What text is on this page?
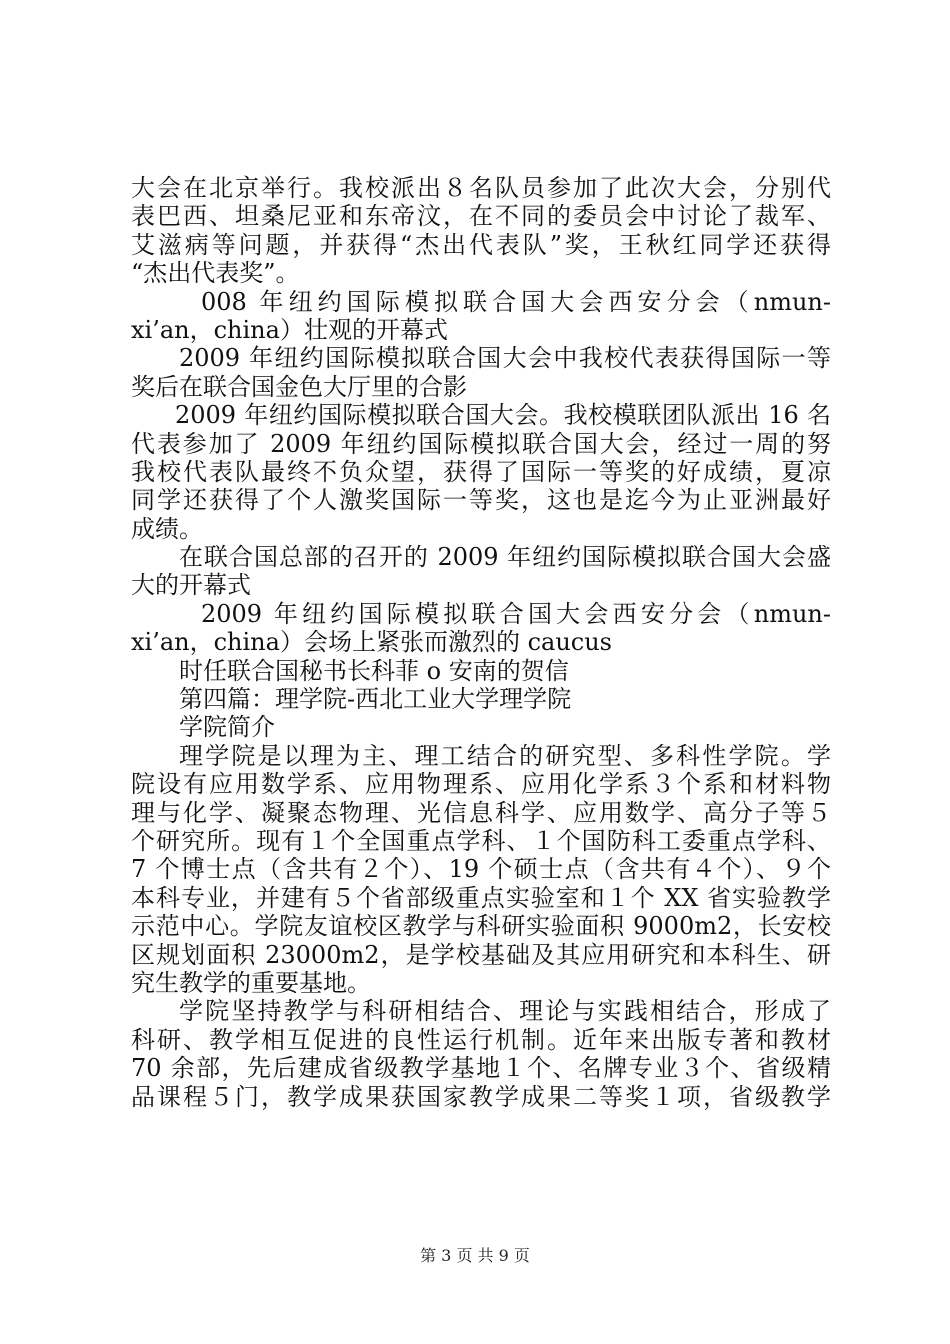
大会在北京举行。我校派出８名队员参加了此次大会，分别代
表巴西、坦桑尼亚和东帝汶，在不同的委员会中讨论了裁军、
艾滋病等问题，并获得“杰出代表队”奖，王秋红同学还获得
“杰出代表奖”。
008 年纽约国际模拟联合国大会西安分会（nmun-
xi’an，china）壮观的开幕式
2009 年纽约国际模拟联合国大会中我校代表获得国际一等
奖后在联合国金色大厅里的合影
2009 年纽约国际模拟联合国大会。我校模联团队派出 16 名
代表参加了 2009 年纽约国际模拟联合国大会，经过一周的努
我校代表队最终不负众望，获得了国际一等奖的好成绩，夏凉
同学还获得了个人激奖国际一等奖，这也是迄今为止亚洲最好
成绩。
在联合国总部的召开的 2009 年纽约国际模拟联合国大会盛
大的开幕式
2009 年纽约国际模拟联合国大会西安分会（nmun-
xi’an，china）会场上紧张而激烈的 caucus
时任联合国秘书长科菲 o 安南的贺信
第四篇：理学院-西北工业大学理学院
学院简介
理学院是以理为主、理工结合的研究型、多科性学院。学
院设有应用数学系、应用物理系、应用化学系３个系和材料物
理与化学、凝聚态物理、光信息科学、应用数学、高分子等５
个研究所。现有１个全国重点学科、１个国防科工委重点学科、
7 个博士点（含共有２个）、19 个硕士点（含共有４个）、９个
本科专业，并建有５个省部级重点实验室和１个 XX 省实验教学
示范中心。学院友谊校区教学与科研实验面积 9000m2，长安校
区规划面积 23000m2，是学校基础及其应用研究和本科生、研
究生教学的重要基地。
学院坚持教学与科研相结合、理论与实践相结合，形成了
科研、教学相互促进的良性运行机制。近年来出版专著和教材
70 余部，先后建成省级教学基地１个、名牌专业３个、省级精
品课程５门，教学成果获国家教学成果二等奖１项，省级教学
第 3 页 共 9 页
